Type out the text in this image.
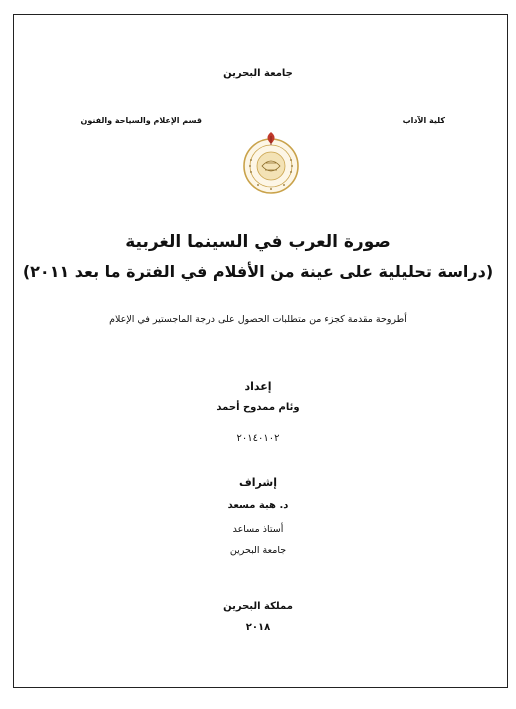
جامعة البحرين
كلية الآداب
قسم الإعلام والسياحة والفنون
صورة العرب في السينما الغربية
(دراسة تحليلية على عينة من الأفلام في الفترة ما بعد ٢٠١١)
أطروحة مقدمة كجزء من متطلبات الحصول على درجة الماجستير في الإعلام
إعداد
وئام ممدوح أحمد
٢٠١٤٠١٠٢
إشراف
د. هبة مسعد
أستاذ مساعد
جامعة البحرين
مملكة البحرين
٢٠١٨
